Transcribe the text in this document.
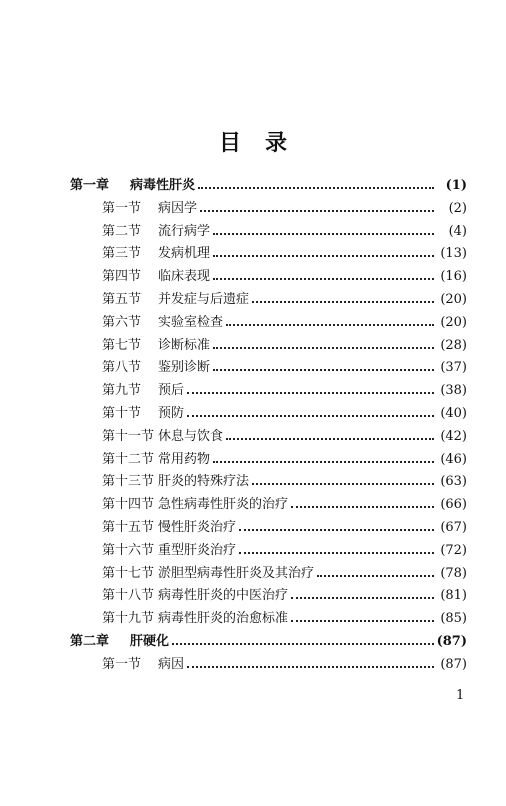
目录
第一章	病毒性肝炎	(1)
第一节	病因学	(2)
第二节	流行病学	(4)
第三节	发病机理	(13)
第四节	临床表现	(16)
第五节	并发症与后遗症	(20)
第六节	实验室检查	(20)
第七节	诊断标准	(28)
第八节	鉴别诊断	(37)
第九节	预后	(38)
第十节	预防	(40)
第十一节 休息与饮食	(42)
第十二节 常用药物	(46)
第十三节 肝炎的特殊疗法	(63)
第十四节 急性病毒性肝炎的治疗	(66)
第十五节 慢性肝炎治疗	(67)
第十六节 重型肝炎治疗	(72)
第十七节 淤胆型病毒性肝炎及其治疗	(78)
第十八节 病毒性肝炎的中医治疗	(81)
第十九节 病毒性肝炎的治愈标准	(85)
第二章	肝硬化	(87)
第一节	病因	(87)
1
